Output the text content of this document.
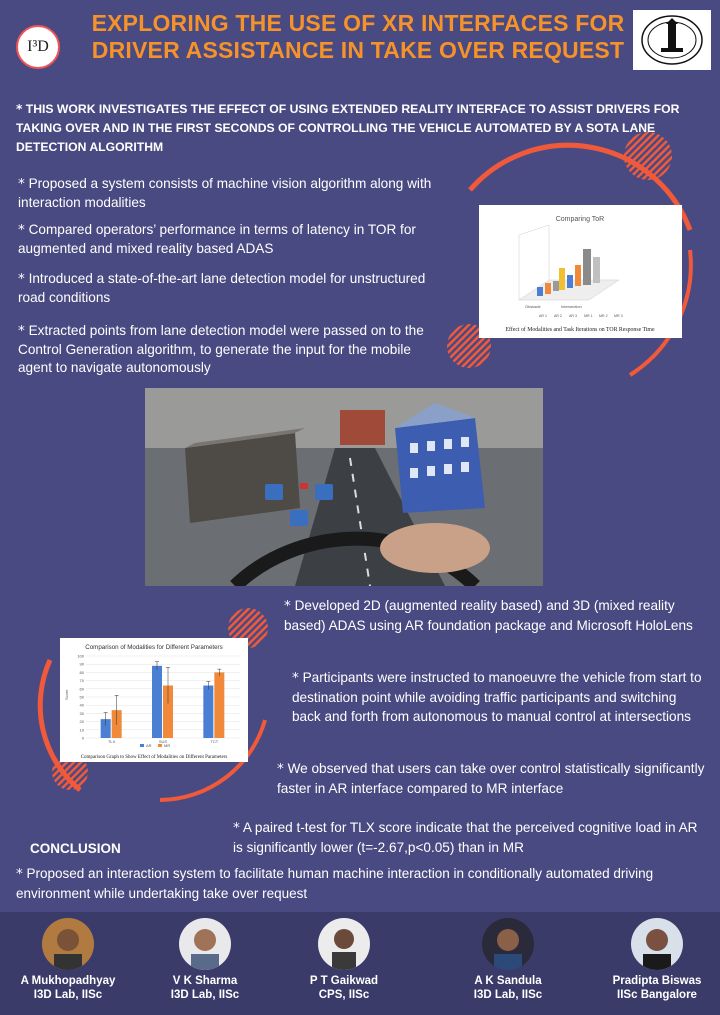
I³D
EXPLORING THE USE OF XR INTERFACES FOR
DRIVER ASSISTANCE IN TAKE OVER REQUEST
* THIS WORK INVESTIGATES THE EFFECT OF USING EXTENDED REALITY INTERFACE TO ASSIST DRIVERS FOR TAKING OVER AND IN THE FIRST SECONDS OF CONTROLLING THE VEHICLE AUTOMATED BY A SOTA LANE DETECTION ALGORITHM
* Proposed a system consists of machine vision algorithm along with interaction modalities
* Compared operators’ performance in terms of latency in TOR for augmented and mixed reality based ADAS
* Introduced a state-of-the-art lane detection model for unstructured road conditions
* Extracted points from lane detection model were passed on to the Control Generation algorithm, to generate the input for the mobile agent to navigate autonomously
Comparing ToR
Obstacle	Intersection
AR 1 AR 2 AR 3 MR 1 MR 2 MR 3
Effect of Modalities and Task Iterations on TOR Response Time
Comparison of Modalities for Different Parameters
Score
0
10
20
30
40
50
60
70
80
90
100
TLX	SUS	TCT
AR	MR
Comparison Graph to Show Effect of Modalities on Different Parameters
* Developed 2D (augmented reality based) and 3D (mixed reality based) ADAS using AR foundation package and Microsoft HoloLens
* Participants were instructed to manoeuvre the vehicle from start to destination point while avoiding traffic participants and switching back and forth from autonomous to manual control at intersections
* We observed that users can take over control statistically significantly faster in AR interface compared to MR interface
* A paired t-test for TLX score indicate that the perceived cognitive load in AR is significantly lower (t=-2.67,p<0.05) than in MR
CONCLUSION
* Proposed an interaction system to facilitate human machine interaction in conditionally automated driving environment while undertaking take over request
A Mukhopadhyay
I3D Lab, IISc
V K Sharma
I3D Lab, IISc
P T Gaikwad
CPS, IISc
A K Sandula
I3D Lab, IISc
Pradipta Biswas
IISc Bangalore
